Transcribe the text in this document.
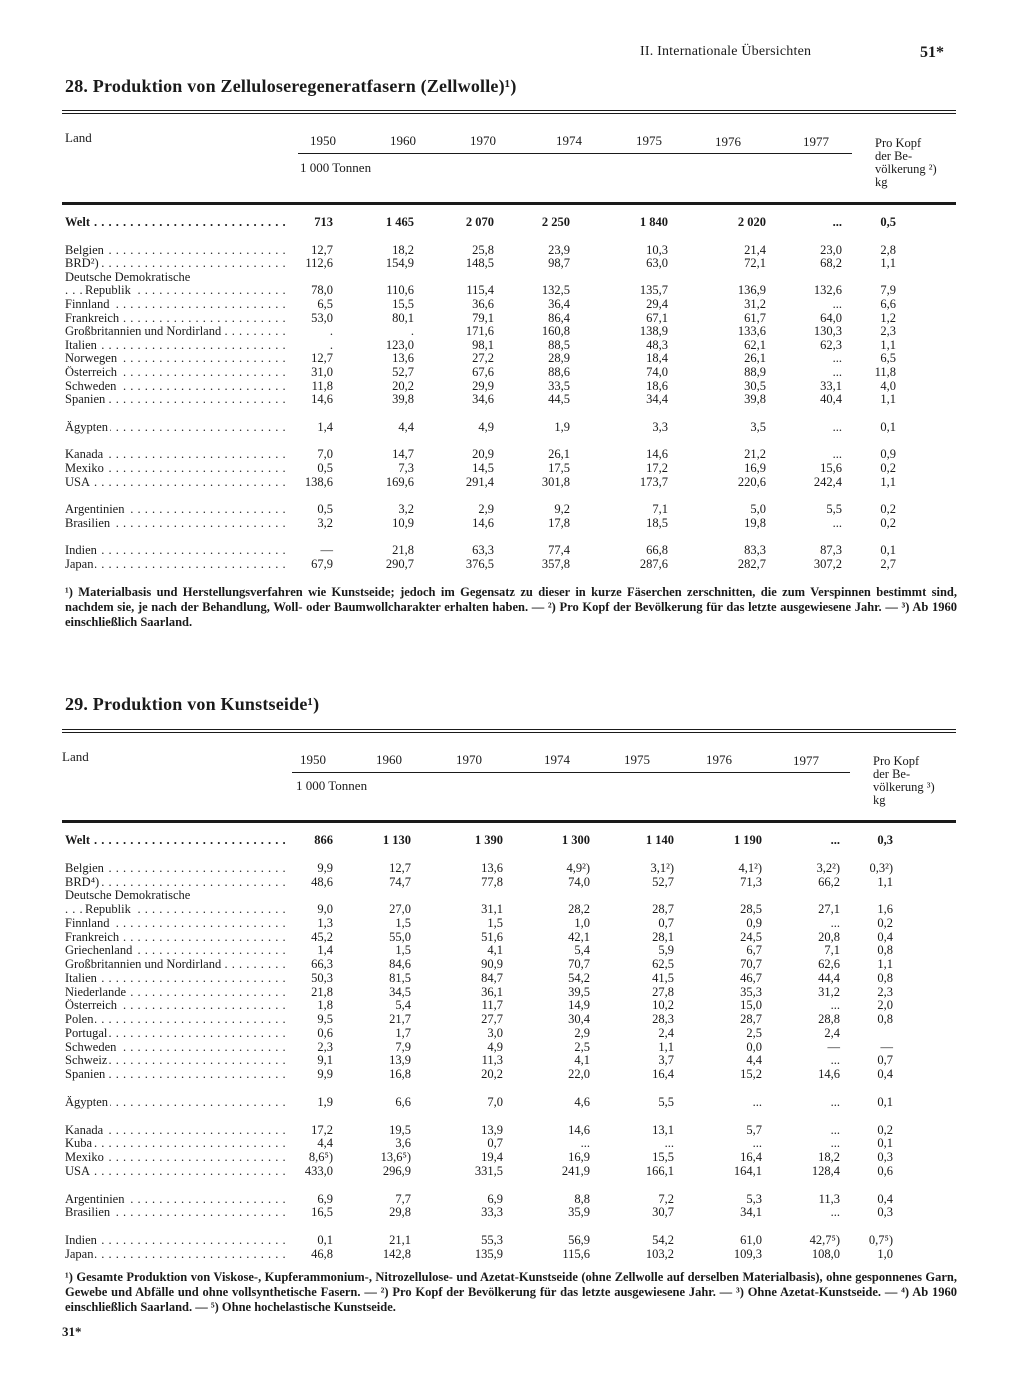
II. Internationale Übersichten	51*
28. Produktion von Zelluloseregeneratfasern (Zellwolle)¹)
Land	1950	1960	1970	1974	1975	1976	1977
1 000 Tonnen
Pro Kopf
der Be-
völkerung ²)
kg
Welt . . .	713	1 465	2 070	2 250	1 840	2 020	...	0,5
Belgien . . .	12,7	18,2	25,8	23,9	10,3	21,4	23,0	2,8
BRD²) . . .	112,6	154,9	148,5	98,7	63,0	72,1	68,2	1,1
Deutsche Demokratische
Republik . . .	78,0	110,6	115,4	132,5	135,7	136,9	132,6	7,9
Finnland . . .	6,5	15,5	36,6	36,4	29,4	31,2	...	6,6
Frankreich . . .	53,0	80,1	79,1	86,4	67,1	61,7	64,0	1,2
Großbritannien und Nordirland . . .	.	.	171,6	160,8	138,9	133,6	130,3	2,3
Italien . . .	.	123,0	98,1	88,5	48,3	62,1	62,3	1,1
Norwegen . . .	12,7	13,6	27,2	28,9	18,4	26,1	...	6,5
Österreich . . .	31,0	52,7	67,6	88,6	74,0	88,9	...	11,8
Schweden . . .	11,8	20,2	29,9	33,5	18,6	30,5	33,1	4,0
Spanien . . .	14,6	39,8	34,6	44,5	34,4	39,8	40,4	1,1
Ägypten . . .	1,4	4,4	4,9	1,9	3,3	3,5	...	0,1
Kanada . . .	7,0	14,7	20,9	26,1	14,6	21,2	...	0,9
Mexiko . . .	0,5	7,3	14,5	17,5	17,2	16,9	15,6	0,2
USA . . .	138,6	169,6	291,4	301,8	173,7	220,6	242,4	1,1
Argentinien . . .	0,5	3,2	2,9	9,2	7,1	5,0	5,5	0,2
Brasilien . . .	3,2	10,9	14,6	17,8	18,5	19,8	...	0,2
Indien . . .	—	21,8	63,3	77,4	66,8	83,3	87,3	0,1
Japan . . .	67,9	290,7	376,5	357,8	287,6	282,7	307,2	2,7
¹) Materialbasis und Herstellungsverfahren wie Kunstseide; jedoch im Gegensatz zu dieser in kurze Fäserchen zerschnitten, die zum Verspinnen bestimmt sind, nachdem sie, je nach der Behandlung, Woll- oder Baumwollcharakter erhalten haben. — ²) Pro Kopf der Bevölkerung für das letzte ausgewiesene Jahr. — ³) Ab 1960 einschließlich Saarland.
29. Produktion von Kunstseide¹)
Land	1950	1960	1970	1974	1975	1976	1977
1 000 Tonnen
Pro Kopf
der Be-
völkerung ³)
kg
Welt . . .	866	1 130	1 390	1 300	1 140	1 190	...	0,3
Belgien . . .	9,9	12,7	13,6	4,9²)	3,1²)	4,1²)	3,2²) 0,3²)
BRD⁴) . . .	48,6	74,7	77,8	74,0	52,7	71,3	66,2	1,1
Deutsche Demokratische
Republik . . .	9,0	27,0	31,1	28,2	28,7	28,5	27,1	1,6
Finnland . . .	1,3	1,5	1,5	1,0	0,7	0,9	...	0,2
Frankreich . . .	45,2	55,0	51,6	42,1	28,1	24,5	20,8	0,4
Griechenland . . .	1,4	1,5	4,1	5,4	5,9	6,7	7,1	0,8
Großbritannien und Nordirland . . .	66,3	84,6	90,9	70,7	62,5	70,7	62,6	1,1
Italien . . .	50,3	81,5	84,7	54,2	41,5	46,7	44,4	0,8
Niederlande . . .	21,8	34,5	36,1	39,5	27,8	35,3	31,2	2,3
Österreich . . .	1,8	5,4	11,7	14,9	10,2	15,0	...	2,0
Polen . . .	9,5	21,7	27,7	30,4	28,3	28,7	28,8	0,8
Portugal . . .	0,6	1,7	3,0	2,9	2,4	2,5	2,4
Schweden . . .	2,3	7,9	4,9	2,5	1,1	0,0	—	—
Schweiz . . .	9,1	13,9	11,3	4,1	3,7	4,4	...	0,7
Spanien . . .	9,9	16,8	20,2	22,0	16,4	15,2	14,6	0,4
Ägypten . . .	1,9	6,6	7,0	4,6	5,5	...	...	0,1
Kanada . . .	17,2	19,5	13,9	14,6	13,1	5,7	...	0,2
Kuba . . .	4,4	3,6	0,7	...	...	...	...	0,1
Mexiko . . .	8,6⁵)	13,6⁵)	19,4	16,9	15,5	16,4	18,2	0,3
USA . . .	433,0	296,9	331,5	241,9	166,1	164,1	128,4	0,6
Argentinien . . .	6,9	7,7	6,9	8,8	7,2	5,3	11,3	0,4
Brasilien . . .	16,5	29,8	33,3	35,9	30,7	34,1	...	0,3
Indien . . .	0,1	21,1	55,3	56,9	54,2	61,0	42,7⁵) 0,7⁵)
Japan . . .	46,8	142,8	135,9	115,6	103,2	109,3	108,0	1,0
¹) Gesamte Produktion von Viskose-, Kupferammonium-, Nitrozellulose- und Azetat-Kunstseide (ohne Zellwolle auf derselben Materialbasis), ohne gesponnenes Garn, Gewebe und Abfälle und ohne vollsynthetische Fasern. — ²) Pro Kopf der Bevölkerung für das letzte ausgewiesene Jahr. — ³) Ohne Azetat-Kunstseide. — ⁴) Ab 1960 einschließlich Saarland. — ⁵) Ohne hochelastische Kunstseide.
31*
